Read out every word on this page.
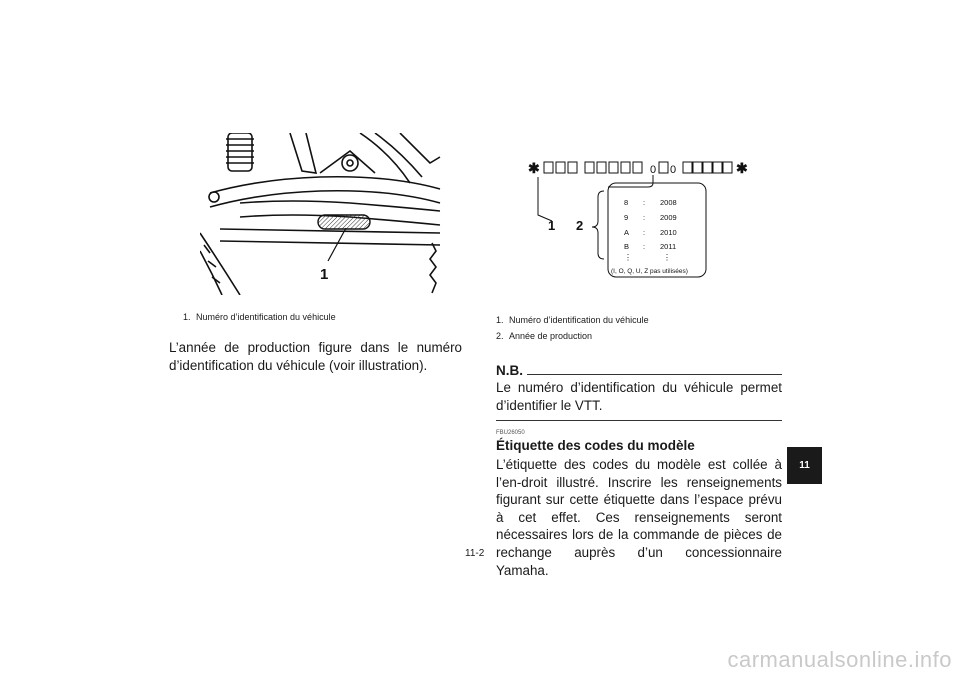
1
1. Numéro d’identification du véhicule
L’année de production figure dans le numéro d’identification du véhicule (voir illustration).
✱	✱
0 0
1 2
8 : 2008
9 : 2009
A : 2010
B : 2011
⋮	⋮
(I, O, Q, U, Z pas utilisées)
1. Numéro d’identification du véhicule
2. Année de production
N.B.
Le numéro d’identification du véhicule permet d’identifier le VTT.
FBU26050
Étiquette des codes du modèle
L’étiquette des codes du modèle est collée à l’en-droit illustré. Inscrire les renseignements figurant sur cette étiquette dans l’espace prévu à cet effet. Ces renseignements seront nécessaires lors de la commande de pièces de rechange auprès d’un concessionnaire Yamaha.
11
11-2
carmanualsonline.info
